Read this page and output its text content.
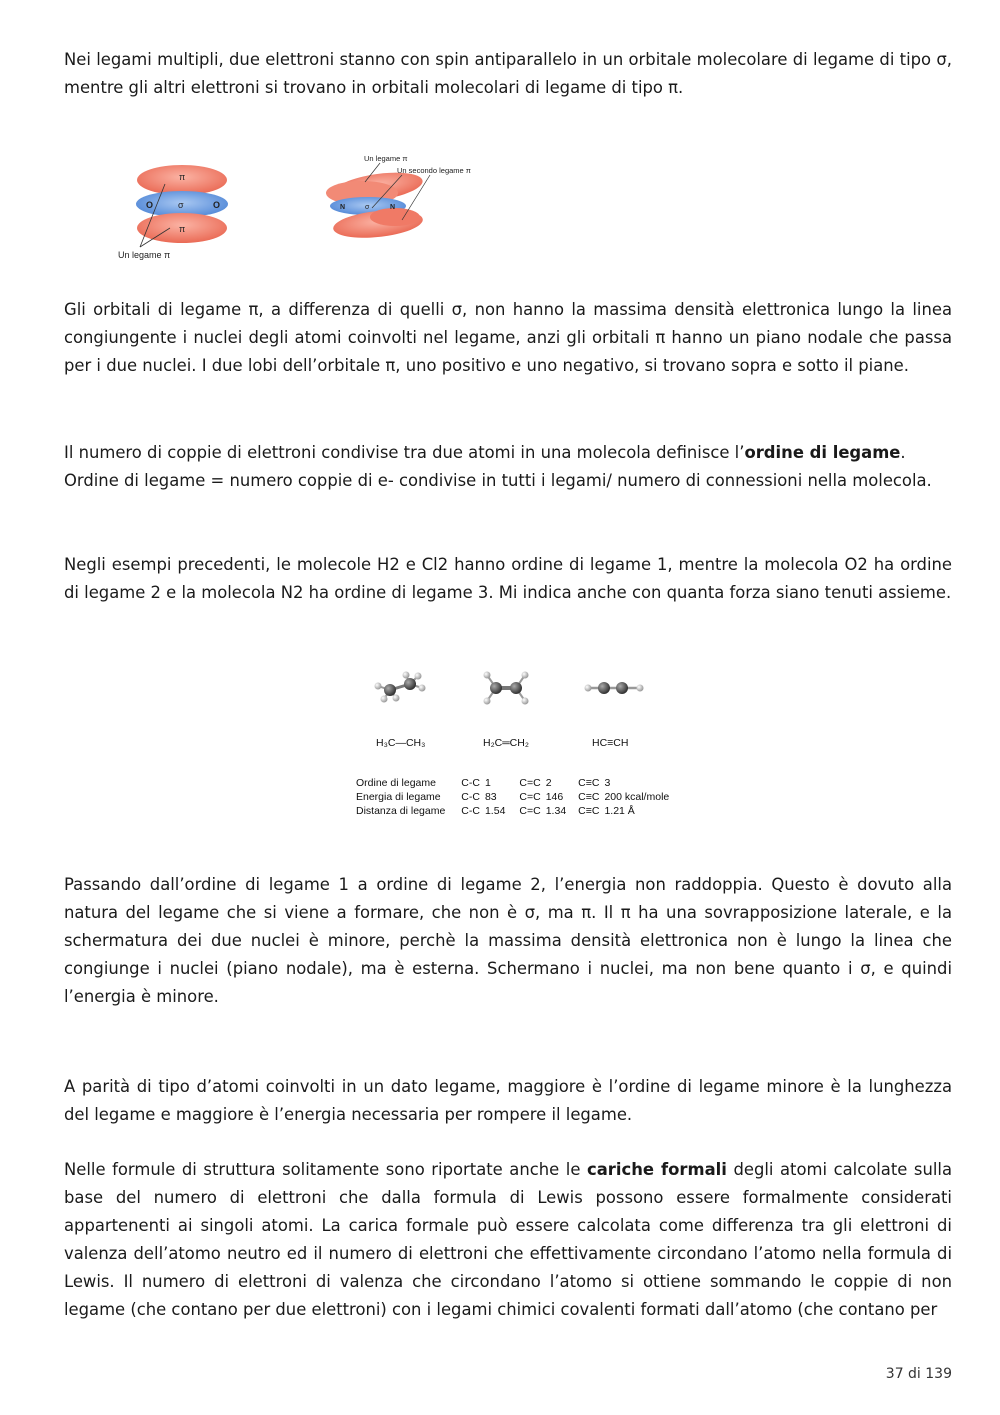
Nei legami multipli, due elettroni stanno con spin antiparallelo in un orbitale molecolare di legame di tipo σ, mentre gli altri elettroni si trovano in orbitali molecolari di legame di tipo π.

π
O	σ	O
π
Un legame π
N	σ	N
Un legame π
Un secondo legame π

Gli orbitali di legame π, a differenza di quelli σ, non hanno la massima densità elettronica lungo la linea congiungente i nuclei degli atomi coinvolti nel legame, anzi gli orbitali π hanno un piano nodale che passa per i due nuclei. I due lobi dell’orbitale π, uno positivo e uno negativo, si trovano sopra e sotto il piane.

Il numero di coppie di elettroni condivise tra due atomi in una molecola definisce l’ordine di legame.
Ordine di legame = numero coppie di e- condivise in tutti i legami/ numero di connessioni nella molecola.

Negli esempi precedenti, le molecole H2 e Cl2 hanno ordine di legame 1, mentre la molecola O2 ha ordine di legame 2 e la molecola N2 ha ordine di legame 3. Mi indica anche con quanta forza siano tenuti assieme.

H₃C—CH₃	H₂C═CH₂	HC≡CH
Ordine di legame	C-C	1	C=C	2	C≡C	3
Energia di legame	C-C	83	C=C	146	C≡C	200 kcal/mole
Distanza di legame	C-C	1.54	C=C	1.34	C≡C	1.21 Å

Passando dall’ordine di legame 1 a ordine di legame 2, l’energia non raddoppia. Questo è dovuto alla natura del legame che si viene a formare, che non è σ, ma π. Il π ha una sovrapposizione laterale, e la schermatura dei due nuclei è minore, perchè la massima densità elettronica non è lungo la linea che congiunge i nuclei (piano nodale), ma è esterna. Schermano i nuclei, ma non bene quanto i σ, e quindi l’energia è minore.

A parità di tipo d’atomi coinvolti in un dato legame, maggiore è l’ordine di legame minore è la lunghezza del legame e maggiore è l’energia necessaria per rompere il legame.

Nelle formule di struttura solitamente sono riportate anche le cariche formali degli atomi calcolate sulla base del numero di elettroni che dalla formula di Lewis possono essere formalmente considerati appartenenti ai singoli atomi. La carica formale può essere calcolata come differenza tra gli elettroni di valenza dell’atomo neutro ed il numero di elettroni che effettivamente circondano l’atomo nella formula di Lewis. Il numero di elettroni di valenza che circondano l’atomo si ottiene sommando le coppie di non legame (che contano per due elettroni) con i legami chimici covalenti formati dall’atomo (che contano per

37 di 139
